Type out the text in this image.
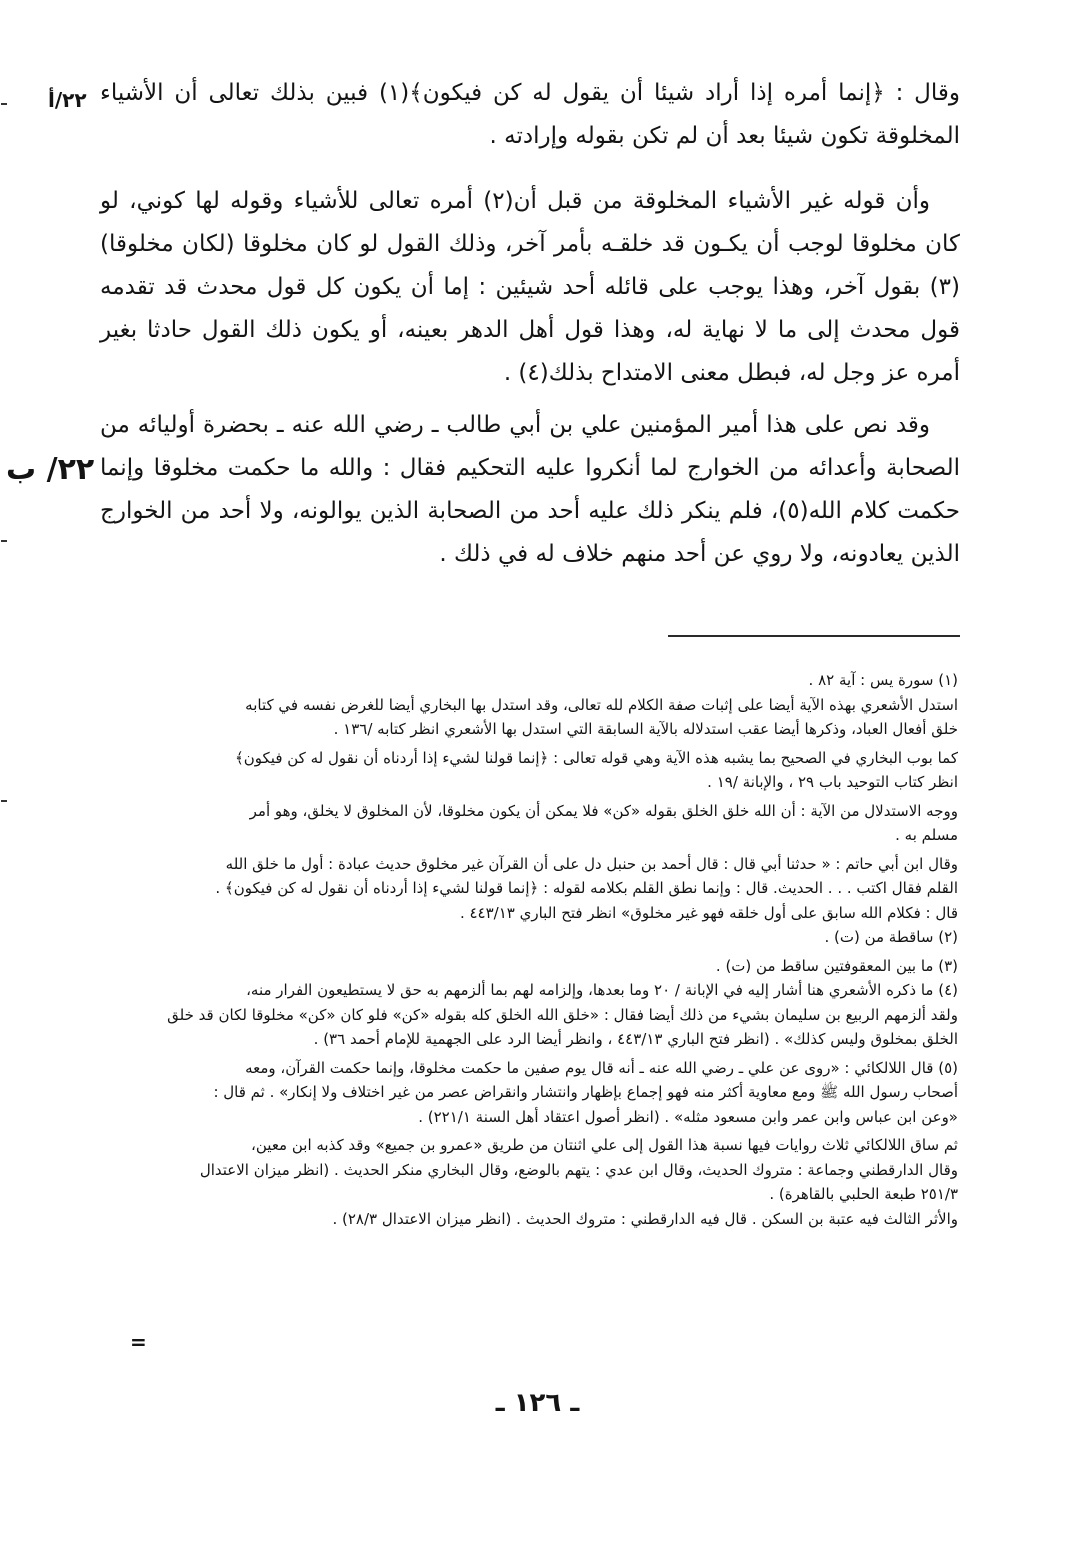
٢٢/أ
٢٢/ ب

وقال : ﴿إنما أمره إذا أراد شيئا أن يقول له كن فيكون﴾(١) فبين بذلك تعالى أن الأشياء المخلوقة تكون شيئا بعد أن لم تكن بقوله وإرادته .

وأن قوله غير الأشياء المخلوقة من قبل أن(٢) أمره تعالى للأشياء وقوله لها كوني، لو كان مخلوقا لوجب أن يكـون قد خلقـه بأمر آخر، وذلك القول لو كان مخلوقا (لكان مخلوقا)(٣) بقول آخر، وهذا يوجب على قائله أحد شيئين : إما أن يكون كل قول محدث قد تقدمه قول محدث إلى ما لا نهاية له، وهذا قول أهل الدهر بعينه، أو يكون ذلك القول حادثا بغير أمره عز وجل له، فبطل معنى الامتداح بذلك(٤) .

وقد نص على هذا أمير المؤمنين علي بن أبي طالب ـ رضي الله عنه ـ بحضرة أوليائه من الصحابة وأعدائه من الخوارج لما أنكروا عليه التحكيم فقال : والله ما حكمت مخلوقا وإنما حكمت كلام الله(٥)، فلم ينكر ذلك عليه أحد من الصحابة الذين يوالونه، ولا أحد من الخوارج الذين يعادونه، ولا روي عن أحد منهم خلاف له في ذلك .

(١) سورة يس : آية ٨٢ .

استدل الأشعري بهذه الآية أيضا على إثبات صفة الكلام لله تعالى، وقد استدل بها البخاري أيضا للغرض نفسه في كتابه

خلق أفعال العباد، وذكرها أيضا عقب استدلاله بالآية السابقة التي استدل بها الأشعري انظر كتابه /١٣٦ .

كما بوب البخاري في الصحيح بما يشبه هذه الآية وهي قوله تعالى : ﴿إنما قولنا لشيء إذا أردناه أن نقول له كن فيكون﴾

انظر كتاب التوحيد باب ٢٩ ، والإبانة /١٩ .

ووجه الاستدلال من الآية : أن الله خلق الخلق بقوله «كن» فلا يمكن أن يكون مخلوقا، لأن المخلوق لا يخلق، وهو أمر

مسلم به .

وقال ابن أبي حاتم : « حدثنا أبي قال : قال أحمد بن حنبل دل على أن القرآن غير مخلوق حديث عبادة : أول ما خلق الله

القلم فقال اكتب . . . الحديث. قال : وإنما نطق القلم بكلامه لقوله : ﴿إنما قولنا لشيء إذا أردناه أن نقول له كن فيكون﴾ .

قال : فكلام الله سابق على أول خلقه فهو غير مخلوق» انظر فتح الباري ٤٤٣/١٣ .

(٢) ساقطة من (ت) .

(٣) ما بين المعقوفتين ساقط من (ت) .

(٤) ما ذكره الأشعري هنا أشار إليه في الإبانة / ٢٠ وما بعدها، وإلزامه لهم بما ألزمهم به حق لا يستطيعون الفرار منه،

ولقد ألزمهم الربيع بن سليمان بشيء من ذلك أيضا فقال : «خلق الله الخلق كله بقوله «كن» فلو كان «كن» مخلوقا لكان قد خلق

الخلق بمخلوق وليس كذلك» . (انظر فتح الباري ٤٤٣/١٣ ، وانظر أيضا الرد على الجهمية للإمام أحمد ٣٦) .

(٥) قال اللالكائي : «روى عن علي ـ رضي الله عنه ـ أنه قال يوم صفين ما حكمت مخلوقا، وإنما حكمت القرآن، ومعه

أصحاب رسول الله ﷺ ومع معاوية أكثر منه فهو إجماع بإظهار وانتشار وانقراض عصر من غير اختلاف ولا إنكار» . ثم قال :

«وعن ابن عباس وابن عمر وابن مسعود مثله» . (انظر أصول اعتقاد أهل السنة ٢٢١/١) .

ثم ساق اللالكائي ثلاث روايات فيها نسبة هذا القول إلى علي اثنتان من طريق «عمرو بن جميع» وقد كذبه ابن معين،

وقال الدارقطني وجماعة : متروك الحديث، وقال ابن عدي : يتهم بالوضع، وقال البخاري منكر الحديث . (انظر ميزان الاعتدال

٢٥١/٣ طبعة الحلبي بالقاهرة) .

والأثر الثالث فيه عتبة بن السكن . قال فيه الدارقطني : متروك الحديث . (انظر ميزان الاعتدال ٢٨/٣) .

=
ـ ١٢٦ ـ
